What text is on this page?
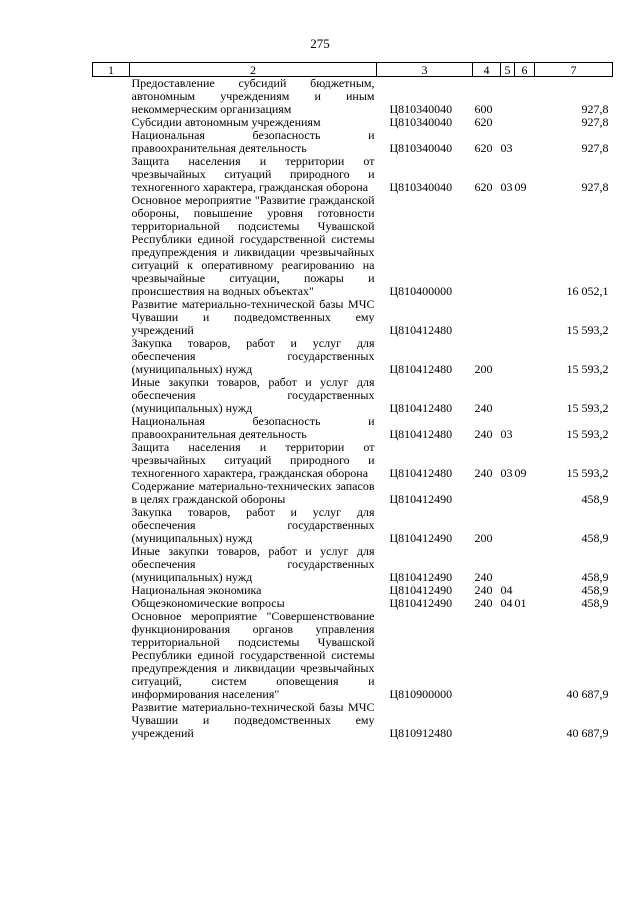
275
1	2	3	4	5	6	7
	Предоставление субсидий бюджетным, автономным учреждениям и иным некоммерческим организациям	Ц810340040	600			927,8
	Субсидии автономным учреждениям	Ц810340040	620			927,8
	Национальная безопасность и правоохранительная деятельность	Ц810340040	620	03		927,8
	Защита населения и территории от чрезвычайных ситуаций природного и техногенного характера, гражданская оборона	Ц810340040	620	03	09	927,8
	Основное мероприятие "Развитие гражданской обороны, повышение уровня готовности территориальной подсистемы Чувашской Республики единой государственной системы предупреждения и ликвидации чрезвычайных ситуаций к оперативному реагированию на чрезвычайные ситуации, пожары и происшествия на водных объектах"	Ц810400000				16 052,1
	Развитие материально-технической базы МЧС Чувашии и подведомственных ему учреждений	Ц810412480				15 593,2
	Закупка товаров, работ и услуг для обеспечения государственных (муниципальных) нужд	Ц810412480	200			15 593,2
	Иные закупки товаров, работ и услуг для обеспечения государственных (муниципальных) нужд	Ц810412480	240			15 593,2
	Национальная безопасность и правоохранительная деятельность	Ц810412480	240	03		15 593,2
	Защита населения и территории от чрезвычайных ситуаций природного и техногенного характера, гражданская оборона	Ц810412480	240	03	09	15 593,2
	Содержание материально-технических запасов в целях гражданской обороны	Ц810412490				458,9
	Закупка товаров, работ и услуг для обеспечения государственных (муниципальных) нужд	Ц810412490	200			458,9
	Иные закупки товаров, работ и услуг для обеспечения государственных (муниципальных) нужд	Ц810412490	240			458,9
	Национальная экономика	Ц810412490	240	04		458,9
	Общеэкономические вопросы	Ц810412490	240	04	01	458,9
	Основное мероприятие "Совершенствование функционирования органов управления территориальной подсистемы Чувашской Республики единой государственной системы предупреждения и ликвидации чрезвычайных ситуаций, систем оповещения и информирования населения"	Ц810900000				40 687,9
	Развитие материально-технической базы МЧС Чувашии и подведомственных ему учреждений	Ц810912480				40 687,9
